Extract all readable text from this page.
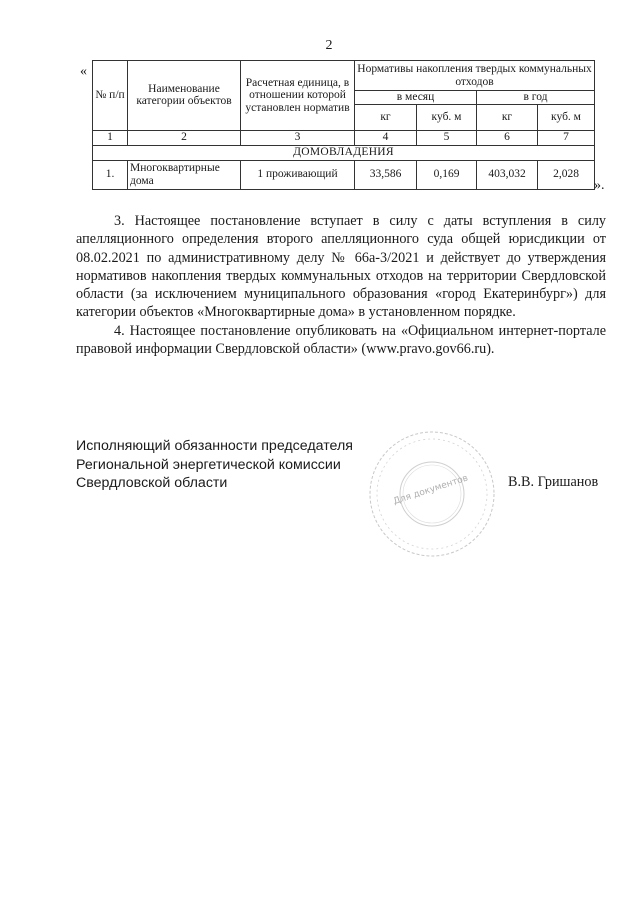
2
«
№ п/п	Наименование категории объектов	Расчетная единица, в отношении которой установлен норматив	Нормативы накопления твердых коммунальных отходов			
			в месяц		в год	
			кг	куб. м	кг	куб. м
1	2	3	4	5	6	7
ДОМОВЛАДЕНИЯ						
1.	Многоквартирные дома	1 проживающий	33,586	0,169	403,032	2,028
».

3. Настоящее постановление вступает в силу с даты вступления в силу апелляционного определения второго апелляционного суда общей юрисдикции от 08.02.2021 по административному делу № 66а-3/2021 и действует до утверждения нормативов накопления твердых коммунальных отходов на территории Свердловской области (за исключением муниципального образования «город Екатеринбург») для категории объектов «Многоквартирные дома» в установленном порядке.

4. Настоящее постановление опубликовать на «Официальном интернет-портале правовой информации Свердловской области» (www.pravo.gov66.ru).

Исполняющий обязанности председателя
Региональной энергетической комиссии
Свердловской области	Для документов	В.В. Гришанов
